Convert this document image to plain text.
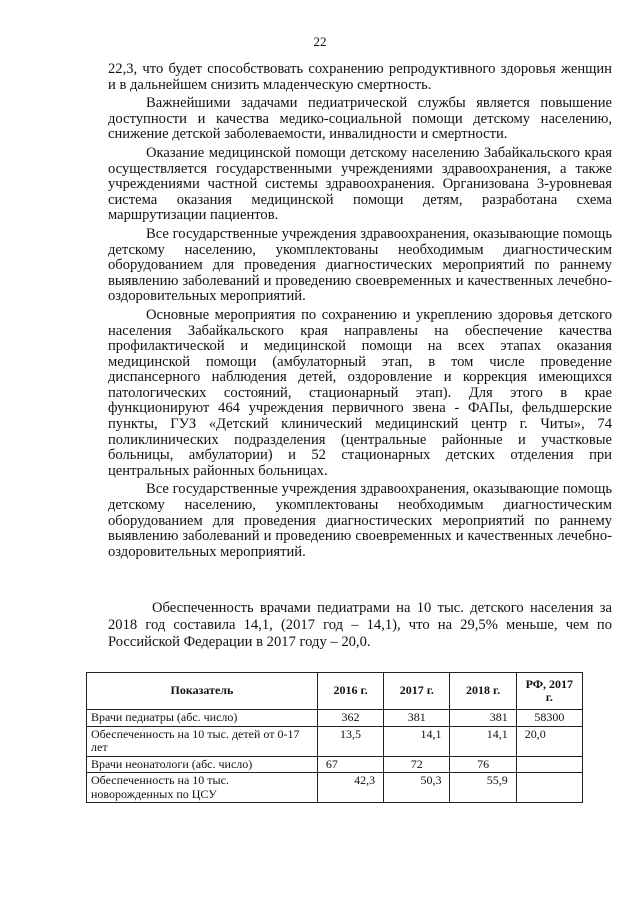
22

22,3, что будет способствовать сохранению репродуктивного здоровья женщин и в дальнейшем снизить младенческую смертность.

Важнейшими задачами педиатрической службы является повышение доступности и качества медико-социальной помощи детскому населению, снижение детской заболеваемости, инвалидности и смертности.

Оказание медицинской помощи детскому населению Забайкальского края осуществляется государственными учреждениями здравоохранения, а также учреждениями частной системы здравоохранения. Организована 3-уровневая система оказания медицинской помощи детям, разработана схема маршрутизации пациентов.

Все государственные учреждения здравоохранения, оказывающие помощь детскому населению, укомплектованы необходимым диагностическим оборудованием для проведения диагностических мероприятий по раннему выявлению заболеваний и проведению своевременных и качественных лечебно-оздоровительных мероприятий.

Основные мероприятия по сохранению и укреплению здоровья детского населения Забайкальского края направлены на обеспечение качества профилактической и медицинской помощи на всех этапах оказания медицинской помощи (амбулаторный этап, в том числе проведение диспансерного наблюдения детей, оздоровление и коррекция имеющихся патологических состояний, стационарный этап). Для этого в крае функционируют 464 учреждения первичного звена - ФАПы, фельдшерские пункты, ГУЗ «Детский клинический медицинский центр г. Читы», 74 поликлинических подразделения (центральные районные и участковые больницы, амбулатории) и 52 стационарных детских отделения при центральных районных больницах.

Все государственные учреждения здравоохранения, оказывающие помощь детскому населению, укомплектованы необходимым диагностическим оборудованием для проведения диагностических мероприятий по раннему выявлению заболеваний и проведению своевременных и качественных лечебно-оздоровительных мероприятий.

Обеспеченность врачами педиатрами на 10 тыс. детского населения за 2018 год составила 14,1, (2017 год – 14,1), что на 29,5% меньше, чем по Российской Федерации в 2017 году – 20,0.

Показатель	2016 г.	2017 г.	2018 г.	РФ, 2017 г.
Врачи педиатры (абс. число)	362	381	381	58300
Обеспеченность на 10 тыс. детей от 0-17 лет	13,5	14,1	14,1	20,0
Врачи неонатологи (абс. число)	67	72	76	
Обеспеченность на 10 тыс. новорожденных по ЦСУ	42,3	50,3	55,9	
